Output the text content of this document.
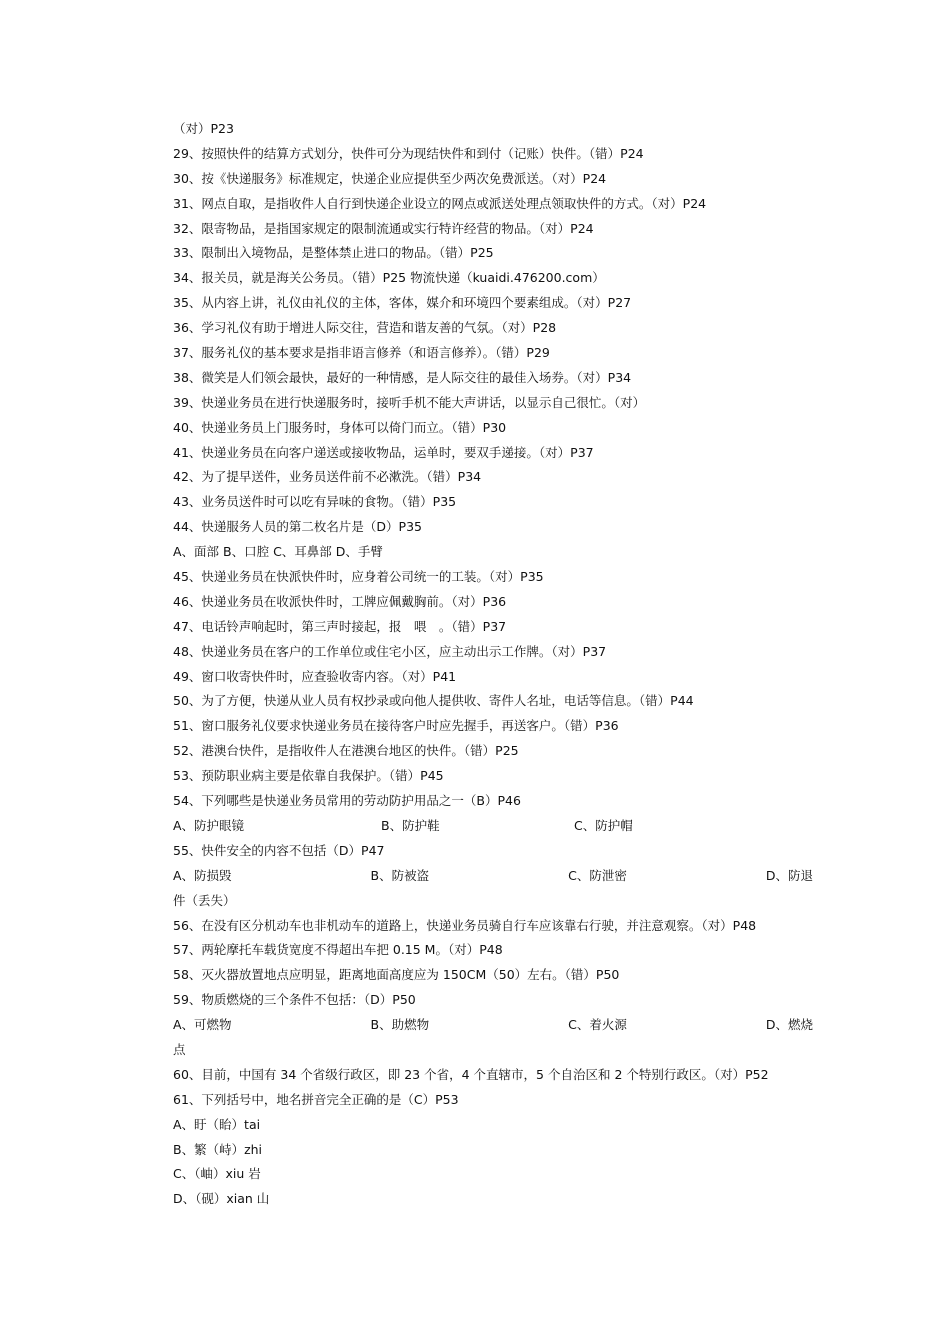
（对）P23
29、按照快件的结算方式划分，快件可分为现结快件和到付（记账）快件。（错）P24
30、按《快递服务》标准规定，快递企业应提供至少两次免费派送。（对）P24
31、网点自取，是指收件人自行到快递企业设立的网点或派送处理点领取快件的方式。（对）P24
32、限寄物品，是指国家规定的限制流通或实行特许经营的物品。（对）P24
33、限制出入境物品，是整体禁止进口的物品。（错）P25
34、报关员，就是海关公务员。（错）P25 物流快递（kuaidi.476200.com）
35、从内容上讲，礼仪由礼仪的主体，客体，媒介和环境四个要素组成。（对）P27
36、学习礼仪有助于增进人际交往，营造和谐友善的气氛。（对）P28
37、服务礼仪的基本要求是指非语言修养（和语言修养）。（错）P29
38、微笑是人们领会最快，最好的一种情感，是人际交往的最佳入场券。（对）P34
39、快递业务员在进行快递服务时，接听手机不能大声讲话，以显示自己很忙。（对）
40、快递业务员上门服务时，身体可以倚门而立。（错）P30
41、快递业务员在向客户递送或接收物品，运单时，要双手递接。（对）P37
42、为了提早送件，业务员送件前不必漱洗。（错）P34
43、业务员送件时可以吃有异味的食物。（错）P35
44、快递服务人员的第二枚名片是（D）P35
A、面部 B、口腔 C、耳鼻部 D、手臂
45、快递业务员在快派快件时，应身着公司统一的工装。（对）P35
46、快递业务员在收派快件时，工牌应佩戴胸前。（对）P36
47、电话铃声响起时，第三声时接起，报　喂　。（错）P37
48、快递业务员在客户的工作单位或住宅小区，应主动出示工作牌。（对）P37
49、窗口收寄快件时，应查验收寄内容。（对）P41
50、为了方便，快递从业人员有权抄录或向他人提供收、寄件人名址，电话等信息。（错）P44
51、窗口服务礼仪要求快递业务员在接待客户时应先握手，再送客户。（错）P36
52、港澳台快件，是指收件人在港澳台地区的快件。（错）P25
53、预防职业病主要是依靠自我保护。（错）P45
54、下列哪些是快递业务员常用的劳动防护用品之一（B）P46
A、防护眼镜	B、防护鞋	C、防护帽
55、快件安全的内容不包括（D）P47
A、防损毁	B、防被盗	C、防泄密	D、防退
件（丢失）
56、在没有区分机动车也非机动车的道路上，快递业务员骑自行车应该靠右行驶，并注意观察。（对）P48
57、两轮摩托车载货宽度不得超出车把 0.15 M。（对）P48
58、灭火器放置地点应明显，距离地面高度应为 150CM（50）左右。（错）P50
59、物质燃烧的三个条件不包括：（D）P50
A、可燃物	B、助燃物	C、着火源	D、燃烧
点
60、目前，中国有 34 个省级行政区，即 23 个省，4 个直辖市，5 个自治区和 2 个特别行政区。（对）P52
61、下列括号中，地名拼音完全正确的是（C）P53
A、盱（眙）tai
B、繁（峙）zhi
C、（岫）xiu 岩
D、（砚）xian 山
